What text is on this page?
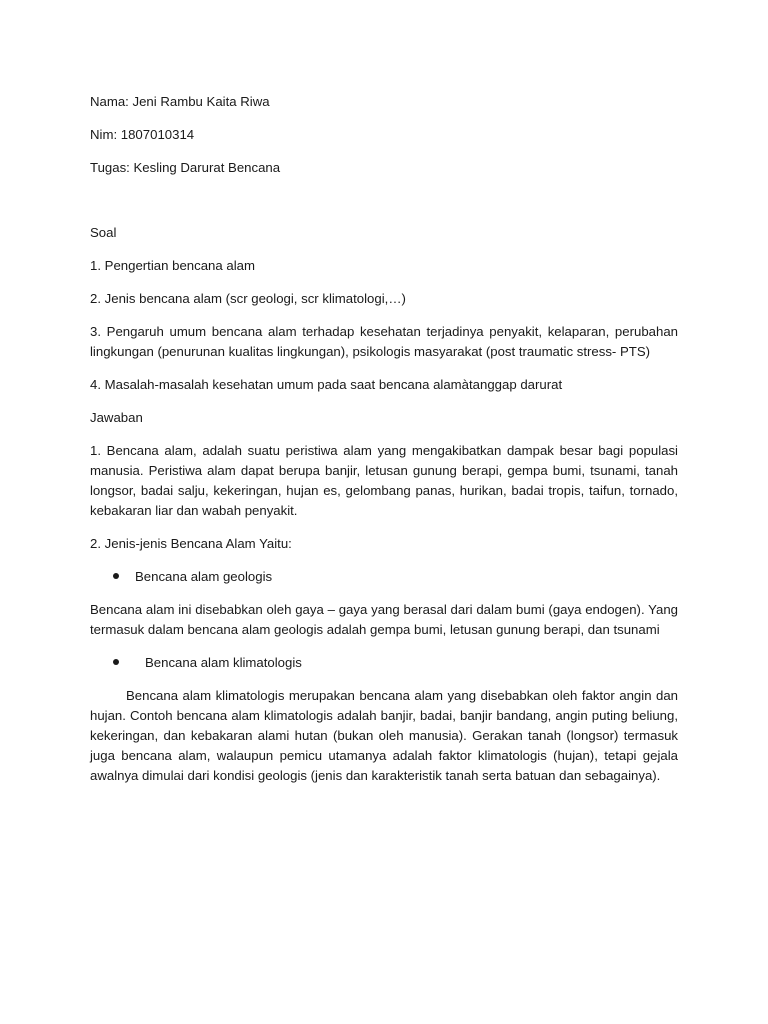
Nama: Jeni Rambu Kaita Riwa

Nim: 1807010314

Tugas: Kesling Darurat Bencana

Soal

1. Pengertian bencana alam

2. Jenis bencana alam (scr geologi, scr klimatologi,…)

3. Pengaruh umum bencana alam terhadap kesehatan terjadinya penyakit, kelaparan, perubahan lingkungan (penurunan kualitas lingkungan), psikologis masyarakat (post traumatic stress- PTS)

4. Masalah-masalah kesehatan umum pada saat bencana alamàtanggap darurat

Jawaban

1. Bencana alam, adalah suatu peristiwa alam yang mengakibatkan dampak besar bagi populasi manusia. Peristiwa alam dapat berupa banjir, letusan gunung berapi, gempa bumi, tsunami, tanah longsor, badai salju, kekeringan, hujan es, gelombang panas, hurikan, badai tropis, taifun, tornado, kebakaran liar dan wabah penyakit.

2. Jenis-jenis Bencana Alam Yaitu:

Bencana alam geologis

Bencana alam ini disebabkan oleh gaya – gaya yang berasal dari dalam bumi (gaya endogen). Yang termasuk dalam bencana alam geologis adalah gempa bumi, letusan gunung berapi, dan tsunami

Bencana alam klimatologis

Bencana alam klimatologis merupakan bencana alam yang disebabkan oleh faktor angin dan hujan. Contoh bencana alam klimatologis adalah banjir, badai, banjir bandang, angin puting beliung, kekeringan, dan kebakaran alami hutan (bukan oleh manusia). Gerakan tanah (longsor) termasuk juga bencana alam, walaupun pemicu utamanya adalah faktor klimatologis (hujan), tetapi gejala awalnya dimulai dari kondisi geologis (jenis dan karakteristik tanah serta batuan dan sebagainya).
